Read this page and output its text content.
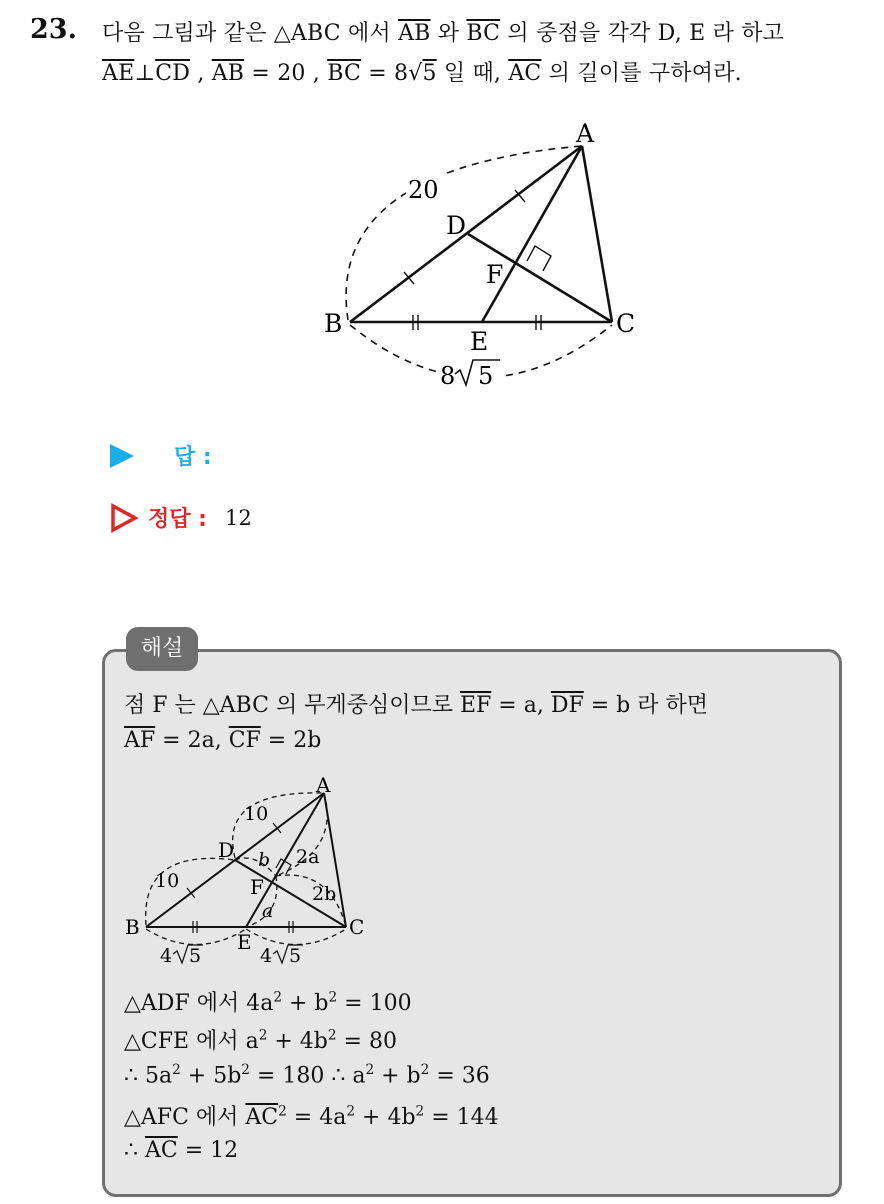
23. 다음 그림과 같은 △ABC 에서 $\overline{AB}$ 와 $\overline{BC}$ 의 중점을 각각 D, E 라 하고
$\overline{AE}\perp\overline{CD}$ , $\overline{AB} = 20$ , $\overline{BC} = 8√5$ 일 때, $\overline{AC}$ 의 길이를 구하여라.
20
8 5
A
B	C
D
E
F
답 :
정답 : 12
해설
점 F 는 △ABC 의 무게중심이므로 $\overline{EF} = a$, $\overline{DF} = b$ 라 하면
$\overline{AF} = 2a$, $\overline{CF} = 2b$
10
10
b 2a
2b
a
4 5	4 5
A
B	C
D
E
F
△ADF 에서 $4a^2 + b^2 = 100$
△CFE 에서 $a^2 + 4b^2 = 80$
∴ $5a^2 + 5b^2 = 180$ ∴ $a^2 + b^2 = 36$
△AFC 에서 $\overline{AC}^2 = 4a^2 + 4b^2 = 144$
∴ $\overline{AC} = 12$
